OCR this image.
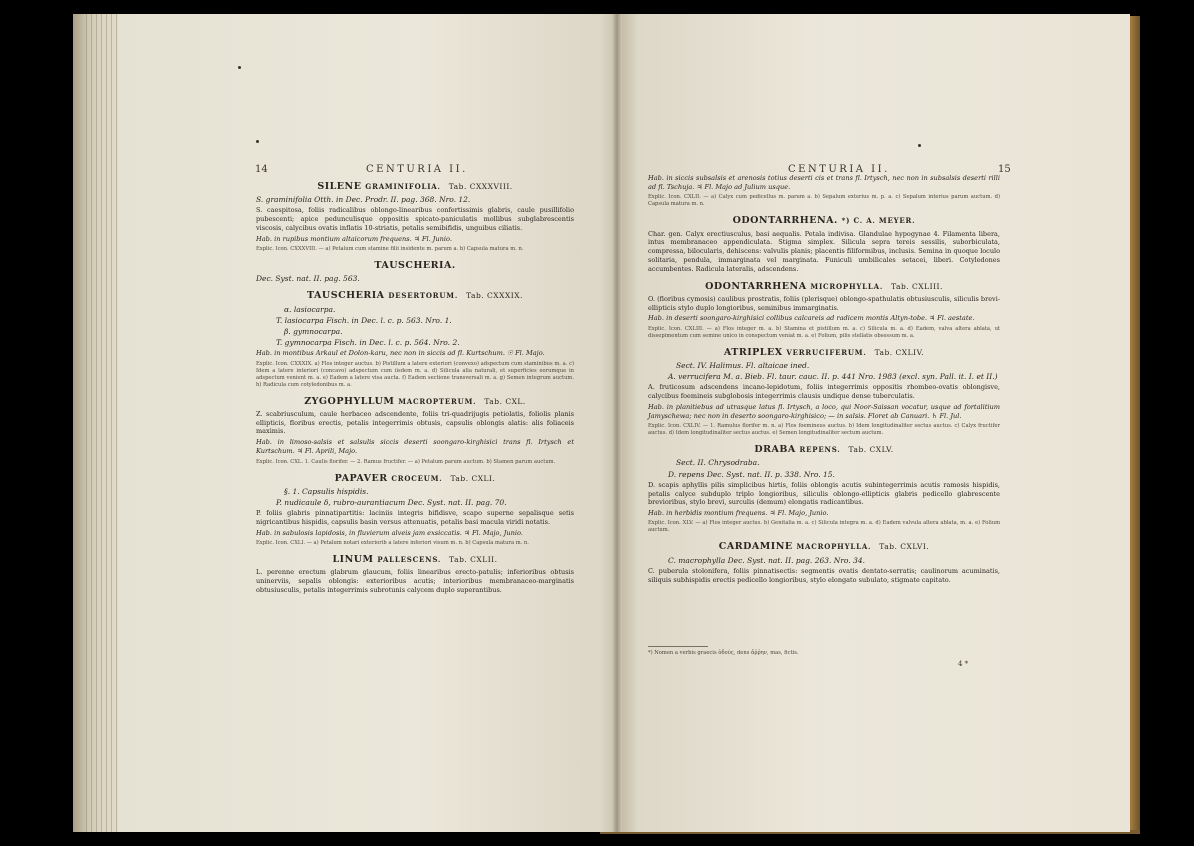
14	CENTURIA II.
SILENE GRAMINIFOLIA. Tab. CXXXVIII.

S. graminifolia Otth. in Dec. Prodr. II. pag. 368. Nro. 12.

S. caespitosa, foliis radicalibus oblongo-linearibus confertissimis glabris, caule pusillifolio pubescenti; apice pedunculisque oppositis spicato-paniculatis mollibus subglabrescentis viscosis, calycibus ovatis inflatis 10-striatis, petalis semibifidis, unguibus ciliatis.

Hab. in rupibus montium altaicorum frequens. ♃ Fl. Junio.

Explic. Icon. CXXXVIII. — a) Petalum cum stamine filii insidente m. parum a. b) Capsula matura m. n.

TAUSCHERIA.

Dec. Syst. nat. II. pag. 563.

TAUSCHERIA DESERTORUM. Tab. CXXXIX.

α. lasiocarpa.

T. lasiocarpa Fisch. in Dec. l. c. p. 563. Nro. 1.

β. gymnocarpa.

T. gymnocarpa Fisch. in Dec. l. c. p. 564. Nro. 2.

Hab. in montibus Arkaul et Dolon-karu, nec non in siccis ad fl. Kurtschum. ☉ Fl. Majo.

Explic. Icon. CXXXIX. a) Flos integer auctus. b) Pistillum a latere exteriori (convexo) adspectum cum staminibus m. a. c) Idem a latere interiori (concavo) adspectum cum iisdem m. a. d) Silicula alia naturali, et superficies eorumque in adspectum venient m. a. e) Eadem a latere visa aucta. f) Eadem sectione transversali m. a. g) Semen integrum auctum. h) Radicula cum cotyledonibus m. a.

ZYGOPHYLLUM MACROPTERUM. Tab. CXL.

Z. scabriusculum, caule herbaceo adscendente, foliis tri-quadrijugis petiolatis, foliolis planis ellipticis, floribus erectis, petalis integerrimis obtusis, capsulis oblongis alatis: alis foliaceis maximis.

Hab. in limoso-salsis et salsulis siccis deserti soongaro-kirghisici trans fl. Irtysch et Kurtschum. ♃ Fl. Aprili, Majo.

Explic. Icon. CXL. 1. Caulis florifer. — 2. Ramus fructifer. — a) Petalum parum auctum. b) Stamen parum auctum.

PAPAVER CROCEUM. Tab. CXLI.

§. 1. Capsulis hispidis.

P. nudicaule δ, rubro-aurantiacum Dec. Syst. nat. II. pag. 70.

P. foliis glabris pinnatipartitis: laciniis integris bifidisve, scapo superne sepalisque setis nigricantibus hispidis, capsulis basin versus attenuatis, petalis basi macula viridi notatis.

Hab. in sabulosis lapidosis, in fluvierum alveis jam exsiccatis. ♃ Fl. Majo, Junio.

Explic. Icon. CXLI. — a) Petalum notari exteriorib a latere inferiori visum m. n. b) Capsula matura m. n.

LINUM PALLESCENS. Tab. CXLII.

L. perenne erectum glabrum glaucum, foliis linearibus erecto-patulis; inferioribus obtusis uninerviis, sepalis oblongis: exterioribus acutis; interioribus membranaceo-marginatis obtusiusculis, petalis integerrimis subrotunis calycem duplo superantibus.

CENTURIA II.	15

Hab. in siccis subsalsis et arenosis totius deserti cis et trans fl. Irtysch, nec non in subsalsis deserti rilli ad fl. Tschuja. ♃ Fl. Majo ad Julium usque.

Explic. Icon. CXLII. — a) Calyx cum pedicellus m. parum a. b) Sepalum exterius m. p. a. c) Sepalum interius parum auctum. d) Capsula matura m. n.

ODONTARRHENA. *) C. A. MEYER.

Char. gen. Calyx erectiusculus, basi aequalis. Petala indivisa. Glandulae hypogynae 4. Filamenta libera, intus membranaceo appendiculata. Stigma simplex. Silicula sepra tereis sessilis, suborbiculata, compressa, bilocularis, dehiscens: valvulis planis; placentis filiformibus, inclusis. Semina in quoque loculo solitaria, pendula, immarginata vel marginata. Funiculi umbilicales setacei, liberi. Cotyledones accumbentes. Radicula lateralis, adscendens.

ODONTARRHENA MICROPHYLLA. Tab. CXLIII.

O. (floribus cymosis) caulibus prostratis, foliis (plerisque) oblongo-spathulatis obtusiusculis, siliculis brevi-ellipticis stylo duplo longioribus, seminibus immarginatis.

Hab. in deserti soongaro-kirghisici collibus calcareis ad radicem montis Altyn-tobe. ♃ Fl. aestate.

Explic. Icon. CXLIII. — a) Flos integer m. a. b) Stamina et pistillum m. a. c) Silicula m. a. d) Eadem, valva altera ablata, ut dissepimentum cum semine unico in conspectum veniat m. a. e) Folium, pilis stellatis obsessum m. a.

ATRIPLEX VERRUCIFERUM. Tab. CXLIV.

Sect. IV. Halimus. Fl. altaicae ined.

A. verrucifera M. a. Bieb. Fl. taur. cauc. II. p. 441 Nro. 1983 (excl. syn. Pall. it. I. et II.)

A. fruticosum adscendens incano-lepidotum, foliis integerrimis oppositis rhombeo-ovatis oblongisve, calycibus foemineis subglobosis integerrimis clausis undique dense tuberculatis.

Hab. in planitiebus ad utrasque latus fl. Irtysch, a loco, qui Noor-Saissan vocatur, usque ad fortalitium Jamyschewa; nec non in deserto soongaro-kirghisico; — in salsis. Floret ab Canuari. ♄ Fl. Jul.

Explic. Icon. CXLIV. — 1. Ramulus florifer m. n. a) Flos foemineus auctus. b) Idem longitudinaliter sectus auctus. c) Calyx fructifer auctus. d) Idem longitudinaliter sectus auctus. e) Semen longitudinaliter sectum auctum.

DRABA REPENS. Tab. CXLV.

Sect. II. Chrysodraba.

D. repens Dec. Syst. nat. II. p. 338. Nro. 15.

D. scapis aphyllis pilis simplicibus hirtis, foliis oblongis acutis subintegerrimis acutis ramosis hispidis, petalis calyce subduplo triplo longioribus, siliculis oblongo-ellipticis glabris pedicello glabrescente brevioribus, stylo brevi, surculis (demum) elongatis radicantibus.

Hab. in herbidis montium frequens. ♃ Fl. Majo, Junio.

Explic. Icon. XLV. — a) Flos integer auctus. b) Genitalia m. a. c) Silicula integra m. a. d) Eadem valvula altera ablata, m. a. e) Folium auctum.

CARDAMINE MACROPHYLLA. Tab. CXLVI.

C. macrophylla Dec. Syst. nat. II. pag. 263. Nro. 34.

C. puberula stolonifera, foliis pinnatisectis: segmentis ovatis dentato-serratis; caulinorum acuminatis, siliquis subhispidis erectis pedicello longioribus, stylo elongato subulato, stigmate capitato.

*) Nomen a verbis graecis ὀδούς, dens ἄῤῥην, mas, fictis.
4 *
